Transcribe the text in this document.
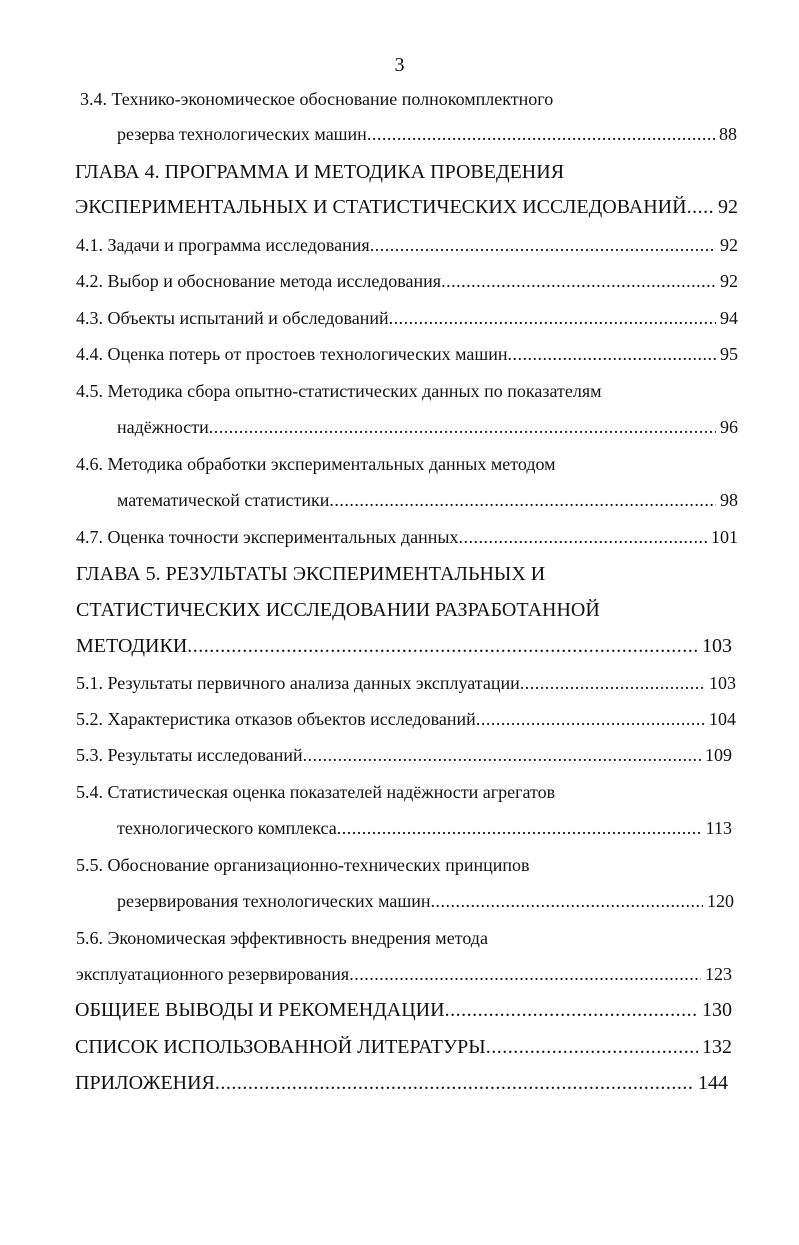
3
3.4. Технико-экономическое обоснование полнокомплектного
резерва технологических машин .....	88
ГЛАВА 4. ПРОГРАММА И МЕТОДИКА ПРОВЕДЕНИЯ
ЭКСПЕРИМЕНТАЛЬНЫХ И СТАТИСТИЧЕСКИХ ИССЛЕДОВАНИЙ ..... 92
4.1. Задачи и программа исследования .....	92
4.2. Выбор и обоснование метода исследования .....	92
4.3. Объекты испытаний и обследований .....	94
4.4. Оценка потерь от простоев технологических машин .....	95
4.5. Методика сбора опытно-статистических данных по показателям
надёжности .....	96
4.6. Методика обработки экспериментальных данных методом
математической статистики .....	98
4.7. Оценка точности экспериментальных данных .....	101
ГЛАВА 5. РЕЗУЛЬТАТЫ ЭКСПЕРИМЕНТАЛЬНЫХ И
СТАТИСТИЧЕСКИХ ИССЛЕДОВАНИИ РАЗРАБОТАННОЙ
МЕТОДИКИ .....	103
5.1. Результаты первичного анализа данных эксплуатации .....	103
5.2. Характеристика отказов объектов исследований .....	104
5.3. Результаты исследований .....	109
5.4. Статистическая оценка показателей надёжности агрегатов
технологического комплекса .....	113
5.5. Обоснование организационно-технических принципов
резервирования технологических машин .....	120
5.6. Экономическая эффективность внедрения метода
эксплуатационного резервирования .....	123
ОБЩИЕЕ ВЫВОДЫ И РЕКОМЕНДАЦИИ .....	130
СПИСОК ИСПОЛЬЗОВАННОЙ ЛИТЕРАТУРЫ .....	132
ПРИЛОЖЕНИЯ .....	144
